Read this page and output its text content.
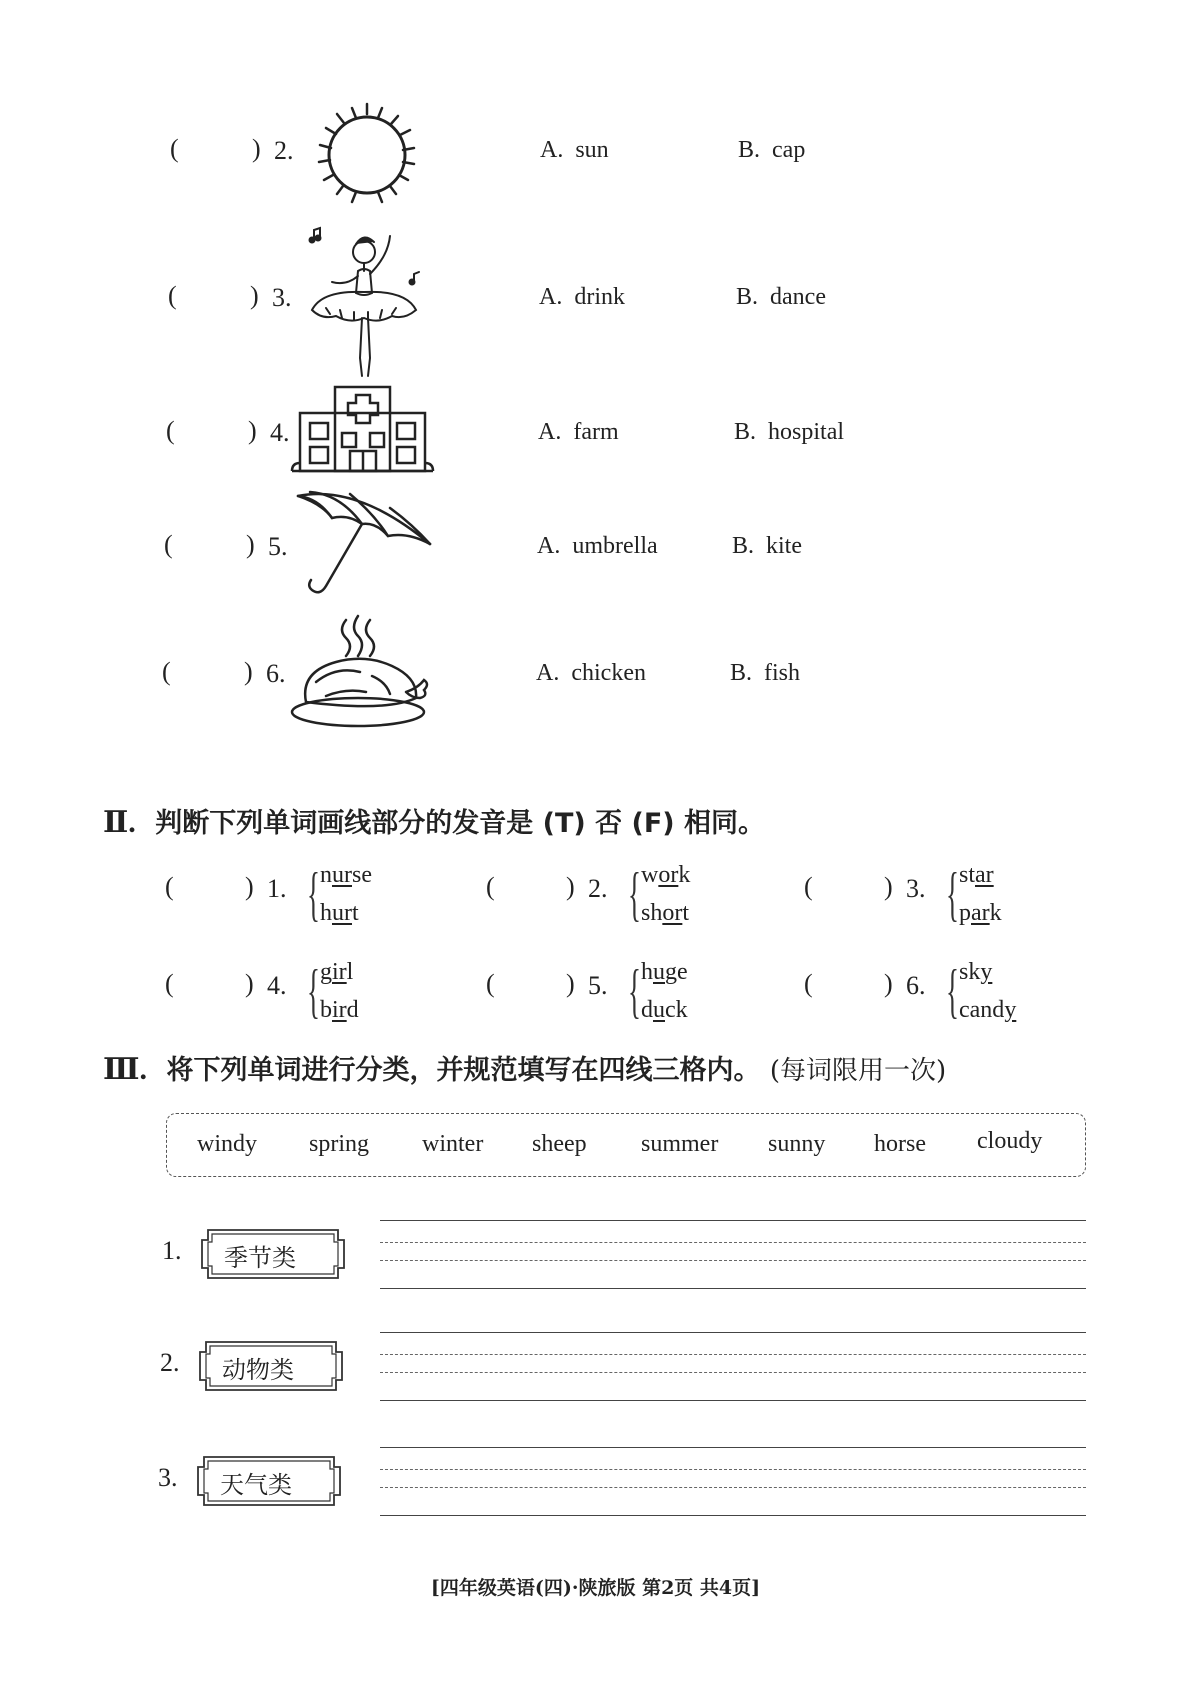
(	) 2.	A. sun	B. cap
(	) 3.	A. drink	B. dance
(	) 4.	A. farm	B. hospital
(	) 5.	A. umbrella	B. kite
(	) 6.	A. chicken	B. fish
Ⅱ. 判断下列单词画线部分的发音是 (T) 否 (F) 相同。
(	) 1. { nurse
hurt
(	) 2. { work
short
(	) 3. { star
park
(	) 4. { girl
bird
(	) 5. { huge
duck
(	) 6. { sky
candy
Ⅲ. 将下列单词进行分类，并规范填写在四线三格内。 (每词限用一次)
windy spring winter sheep summer sunny horse cloudy
1. 季节类
2. 动物类
3. 天气类
[四年级英语(四)·陕旅版 第2页 共4页]
